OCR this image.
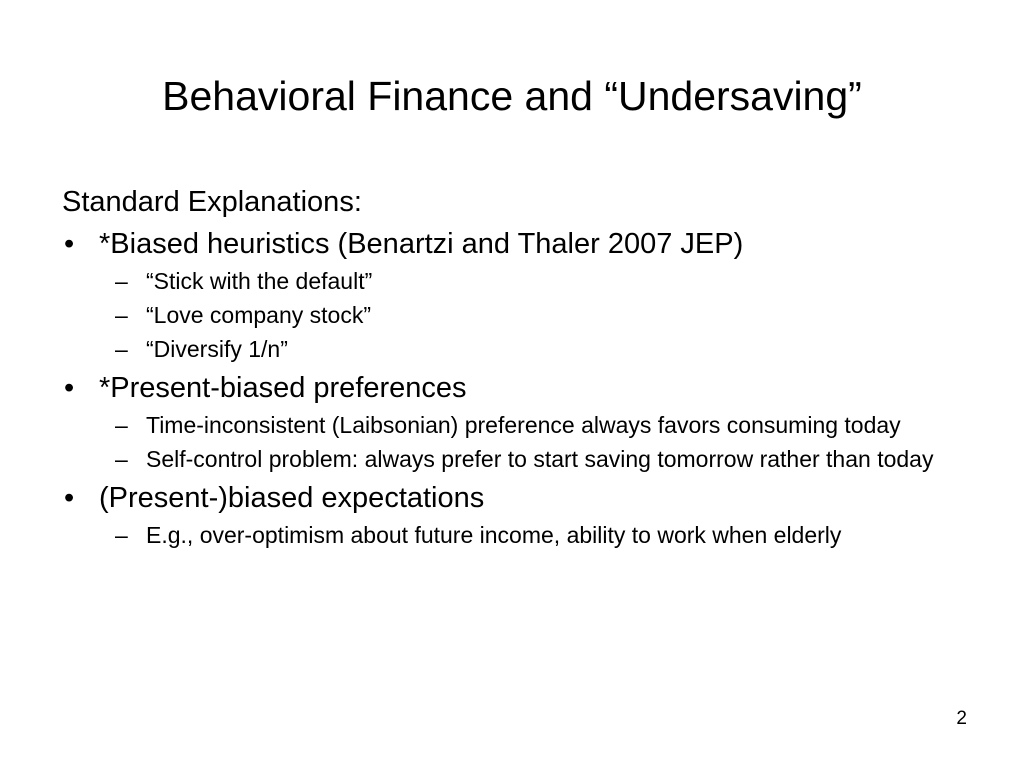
Behavioral Finance and “Undersaving”
Standard Explanations:
• *Biased heuristics (Benartzi and Thaler 2007 JEP)
– “Stick with the default”
– “Love company stock”
– “Diversify 1/n”
• *Present-biased preferences
– Time-inconsistent (Laibsonian) preference always favors consuming today
– Self-control problem: always prefer to start saving tomorrow rather than today
• (Present-)biased expectations
– E.g., over-optimism about future income, ability to work when elderly
2
